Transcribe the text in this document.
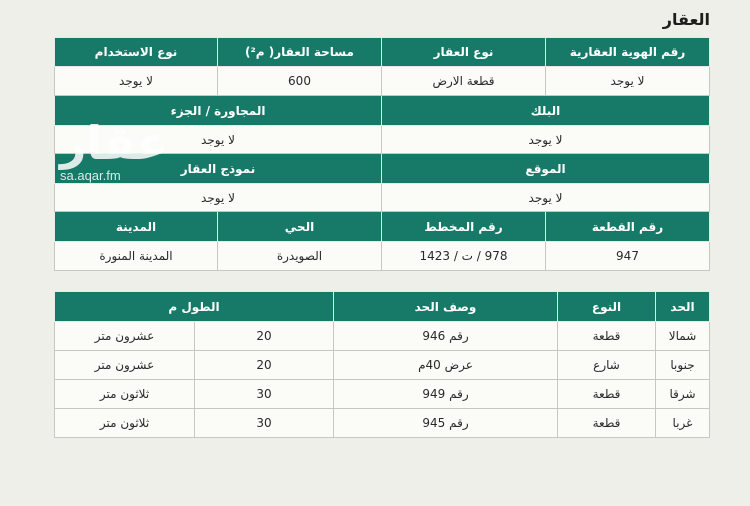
العقار
رقم الهوية العقارية	نوع العقار	مساحة العقار( م²)	نوع الاستخدام
لا يوجد	قطعة الارض	600	لا يوجد
البلك		المجاورة / الجزء	
لا يوجد		لا يوجد	
الموقع		نموذج العقار	
لا يوجد		لا يوجد	
رقم القطعة	رقم المخطط	الحي	المدينة
947	978 / ت / 1423	الصويدرة	المدينة المنورة
الحد	النوع	وصف الحد	الطول م	
شمالا	قطعة	رقم 946	20	عشرون متر
جنوبا	شارع	عرض 40م	20	عشرون متر
شرقا	قطعة	رقم 949	30	ثلاثون متر
غربا	قطعة	رقم 945	30	ثلاثون متر
عقار
sa.aqar.fm
